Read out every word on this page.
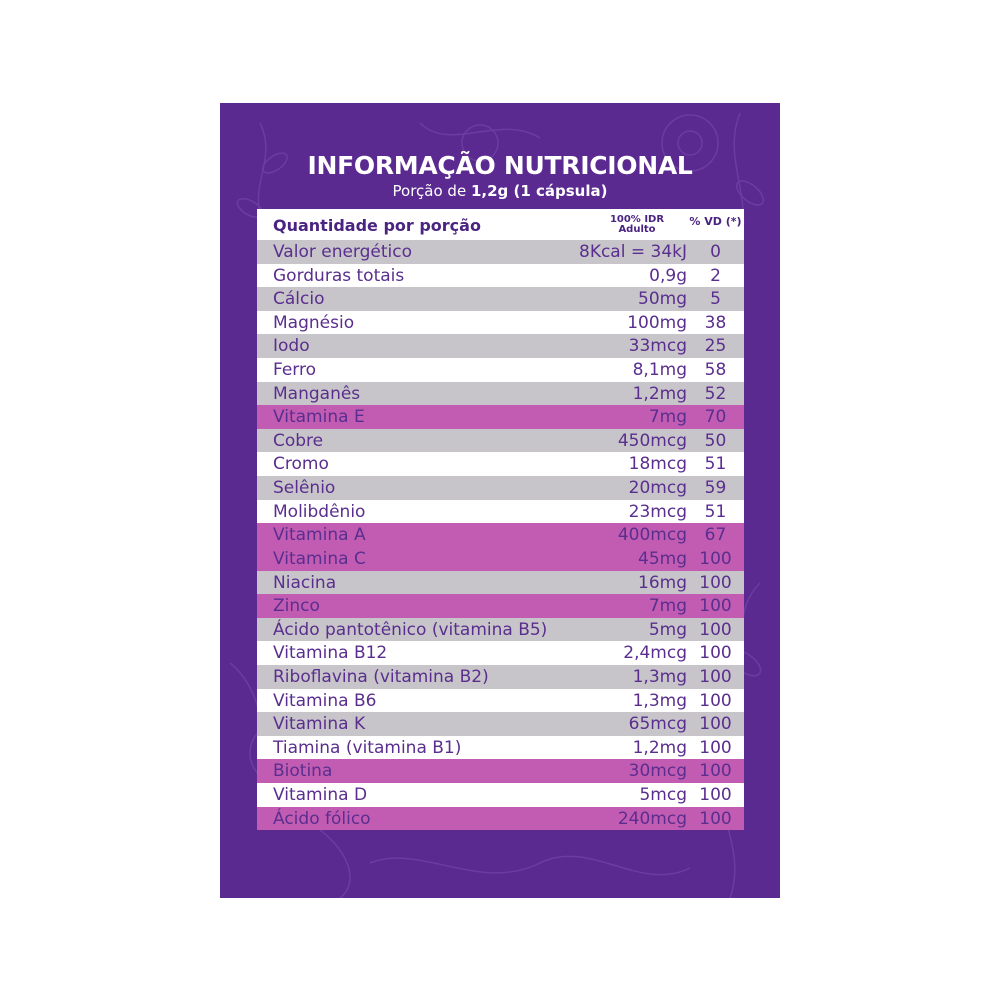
INFORMAÇÃO NUTRICIONAL
Porção de 1,2g (1 cápsula)
Quantidade por porção	100% IDR
Adulto
% VD (*)
Valor energético	8Kcal = 34kJ	0
Gorduras totais	0,9g	2
Cálcio	50mg	5
Magnésio	100mg	38
Iodo	33mcg	25
Ferro	8,1mg	58
Manganês	1,2mg	52
Vitamina E	7mg	70
Cobre	450mcg	50
Cromo	18mcg	51
Selênio	20mcg	59
Molibdênio	23mcg	51
Vitamina A	400mcg	67
Vitamina C	45mg 100
Niacina	16mg 100
Zinco	7mg 100
Ácido pantotênico (vitamina B5)	5mg 100
Vitamina B12	2,4mcg 100
Riboflavina (vitamina B2)	1,3mg 100
Vitamina B6	1,3mg 100
Vitamina K	65mcg 100
Tiamina (vitamina B1)	1,2mg 100
Biotina	30mcg 100
Vitamina D	5mcg 100
Ácido fólico	240mcg 100
